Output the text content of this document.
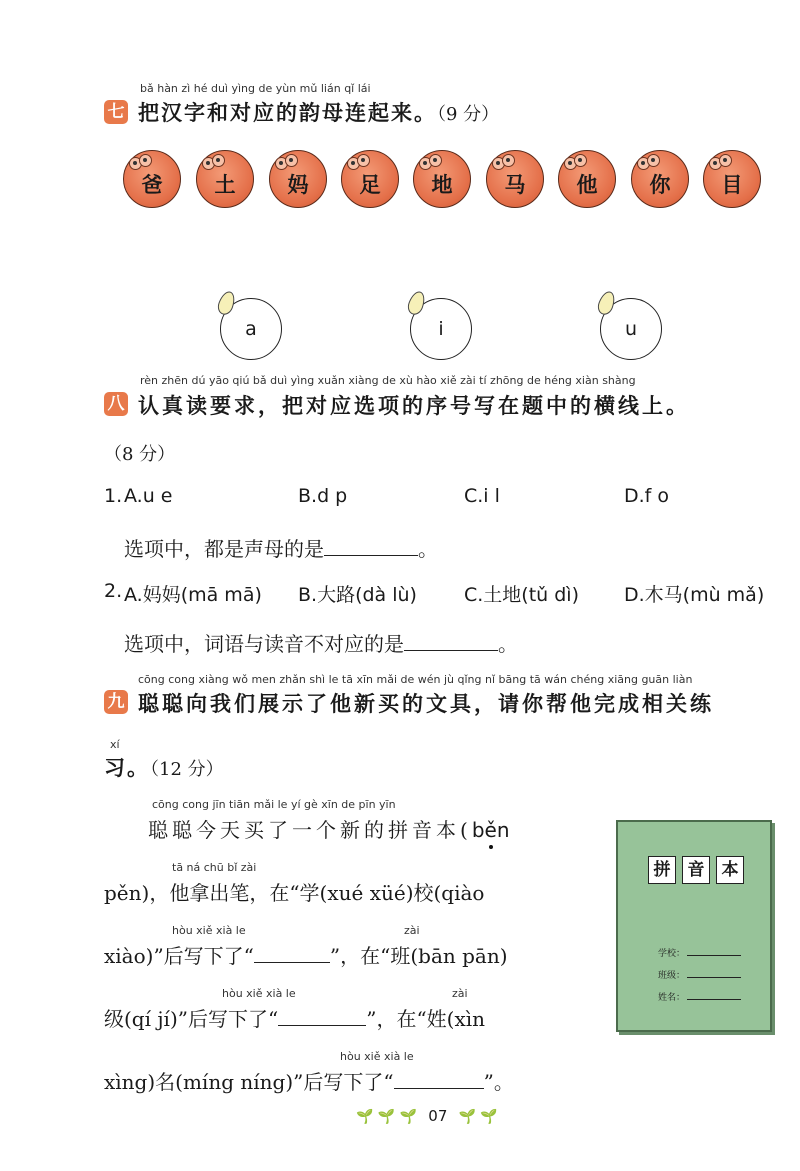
bǎ hàn zì hé duì yìng de yùn mǔ lián qǐ lái
七 把汉字和对应的韵母连起来。（9 分）
爸	土	妈	足	地	马	他	你	目
a	i	u
rèn zhēn dú yāo qiú bǎ duì yìng xuǎn xiàng de xù hào xiě zài tí zhōng de héng xiàn shàng
八 认真读要求，把对应选项的序号写在题中的横线上。
（8 分）
1. A.u e	B.d p	C.i l	D.f o
选项中，都是声母的是	。
2. A.妈妈(mā mā) B.大路(dà lù) C.土地(tǔ dì) D.木马(mù mǎ)
选项中，词语与读音不对应的是	。
cōng cong xiàng wǒ men zhǎn shì le tā xīn mǎi de wén jù qǐng nǐ bāng tā wán chéng xiāng guān liàn
九 聪聪向我们展示了他新买的文具，请你帮他完成相关练
xí
习。（12 分）
cōng cong jīn tiān mǎi le yí gè xīn de pīn yīn
聪聪今天买了一个新的拼音本(běn
tā ná chū bǐ zài
pěn)，他拿出笔，在“学(xué xüé)校(qiào
zài
hòu xiě xià le
xiào)”后写下了“	”，在“班(bān pān)
zài
hòu xiě xià le
级(qí jí)”后写下了“	”，在“姓(xìn
hòu xiě xià le
xìng)名(míng níng)”后写下了“	”。
拼	音	本
学校：
班级：
姓名：
🌱 🌱 🌱 07 🌱 🌱
